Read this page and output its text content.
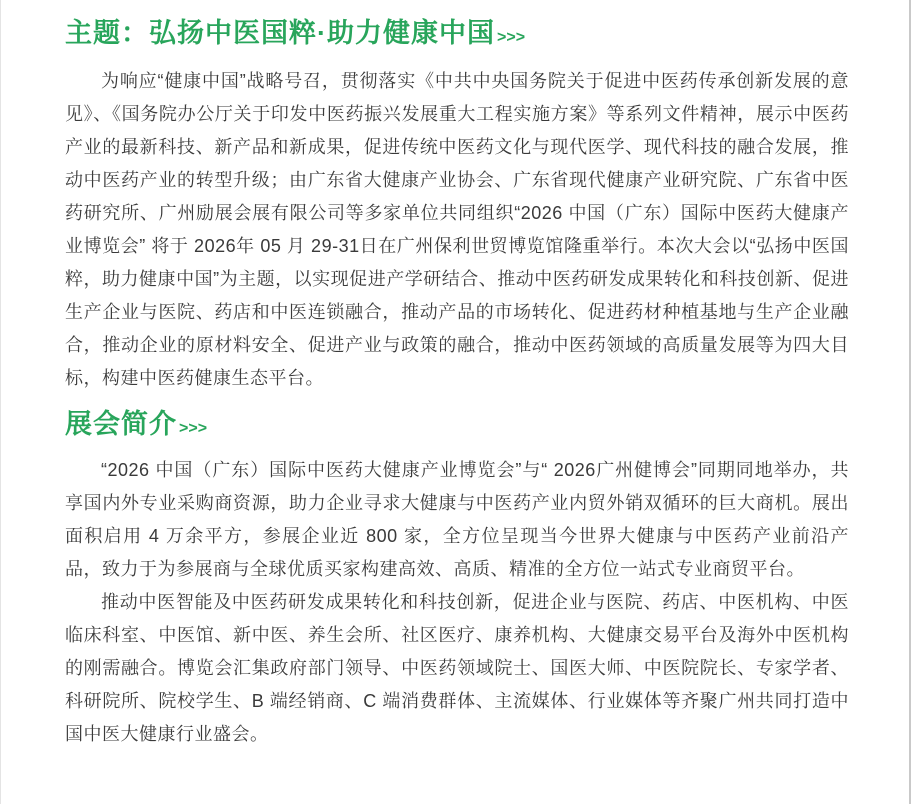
主题：弘扬中医国粹·助力健康中国 >>>

为响应“健康中国”战略号召，贯彻落实《中共中央国务院关于促进中医药传承创新发展的意见》、《国务院办公厅关于印发中医药振兴发展重大工程实施方案》等系列文件精神，展示中医药产业的最新科技、新产品和新成果，促进传统中医药文化与现代医学、现代科技的融合发展，推动中医药产业的转型升级；由广东省大健康产业协会、广东省现代健康产业研究院、广东省中医药研究所、广州励展会展有限公司等多家单位共同组织“2026 中国（广东）国际中医药大健康产业博览会” 将于 2026年 05 月 29-31日在广州保利世贸博览馆隆重举行。本次大会以“弘扬中医国粹，助力健康中国”为主题，以实现促进产学研结合、推动中医药研发成果转化和科技创新、促进生产企业与医院、药店和中医连锁融合，推动产品的市场转化、促进药材种植基地与生产企业融合，推动企业的原材料安全、促进产业与政策的融合，推动中医药领域的高质量发展等为四大目标，构建中医药健康生态平台。

展会简介 >>>

“2026 中国（广东）国际中医药大健康产业博览会”与“ 2026广州健博会”同期同地举办，共享国内外专业采购商资源，助力企业寻求大健康与中医药产业内贸外销双循环的巨大商机。展出面积启用 4 万余平方，参展企业近 800 家，全方位呈现当今世界大健康与中医药产业前沿产品，致力于为参展商与全球优质买家构建高效、高质、精准的全方位一站式专业商贸平台。

推动中医智能及中医药研发成果转化和科技创新，促进企业与医院、药店、中医机构、中医临床科室、中医馆、新中医、养生会所、社区医疗、康养机构、大健康交易平台及海外中医机构的刚需融合。博览会汇集政府部门领导、中医药领域院士、国医大师、中医院院长、专家学者、科研院所、院校学生、B 端经销商、C 端消费群体、主流媒体、行业媒体等齐聚广州共同打造中国中医大健康行业盛会。
